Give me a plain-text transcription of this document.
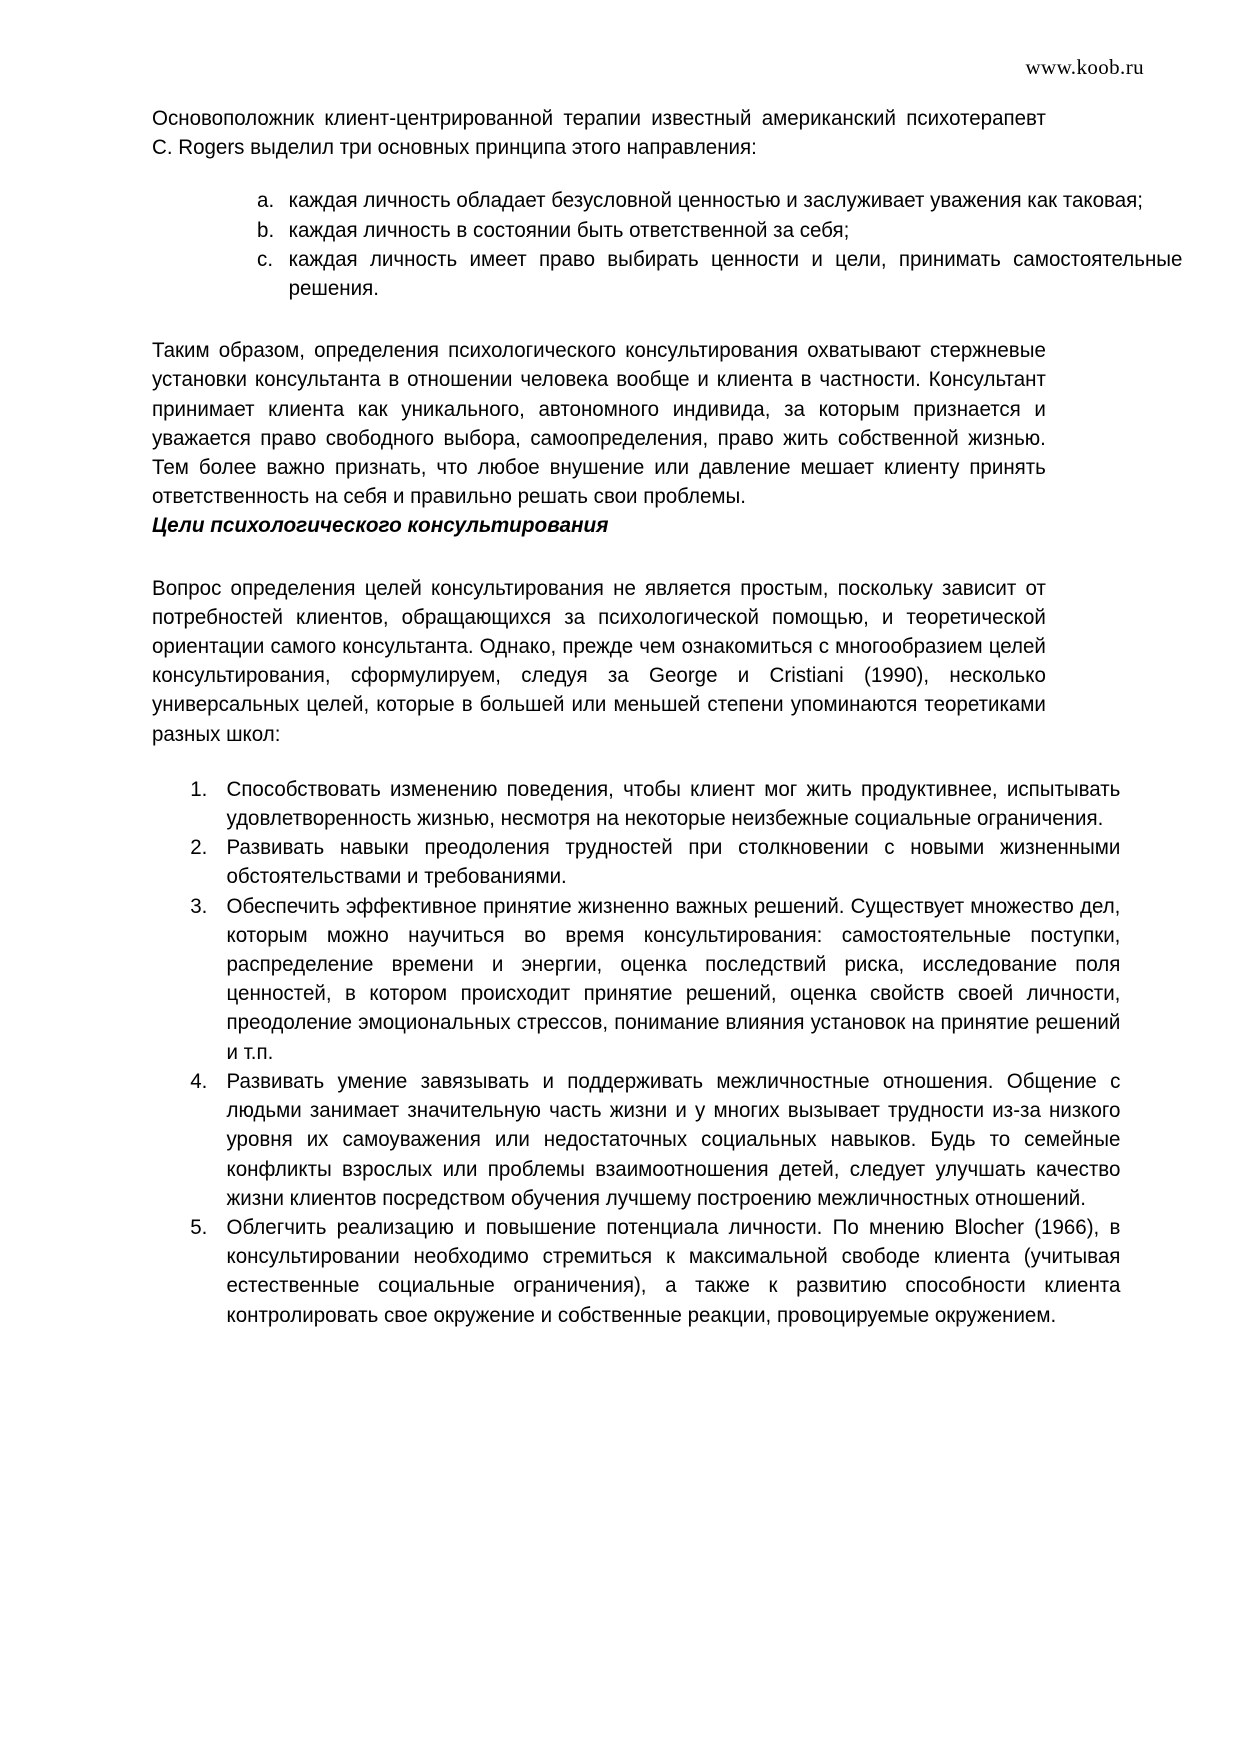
www.koob.ru

Основоположник клиент-центрированной терапии известный американский психотерапевт C. Rogers выделил три основных принципа этого направления:

каждая личность обладает безусловной ценностью и заслуживает уважения как таковая;
каждая личность в состоянии быть ответственной за себя;
каждая личность имеет право выбирать ценности и цели, принимать самостоятельные решения.

Таким образом, определения психологического консультирования охватывают стержневые установки консультанта в отношении человека вообще и клиента в частности. Консультант принимает клиента как уникального, автономного индивида, за которым признается и уважается право свободного выбора, самоопределения, право жить собственной жизнью. Тем более важно признать, что любое внушение или давление мешает клиенту принять ответственность на себя и правильно решать свои проблемы.

Цели психологического консультирования

Вопрос определения целей консультирования не является простым, поскольку зависит от потребностей клиентов, обращающихся за психологической помощью, и теоретической ориентации самого консультанта. Однако, прежде чем ознакомиться с многообразием целей консультирования, сформулируем, следуя за George и Cristiani (1990), несколько универсальных целей, которые в большей или меньшей степени упоминаются теоретиками разных школ:

Способствовать изменению поведения, чтобы клиент мог жить продуктивнее, испытывать удовлетворенность жизнью, несмотря на некоторые неизбежные социальные ограничения.
Развивать навыки преодоления трудностей при столкновении с новыми жизненными обстоятельствами и требованиями.
Обеспечить эффективное принятие жизненно важных решений. Существует множество дел, которым можно научиться во время консультирования: самостоятельные поступки, распределение времени и энергии, оценка последствий риска, исследование поля ценностей, в котором происходит принятие решений, оценка свойств своей личности, преодоление эмоциональных стрессов, понимание влияния установок на принятие решений и т.п.
Развивать умение завязывать и поддерживать межличностные отношения. Общение с людьми занимает значительную часть жизни и у многих вызывает трудности из-за низкого уровня их самоуважения или недостаточных социальных навыков. Будь то семейные конфликты взрослых или проблемы взаимоотношения детей, следует улучшать качество жизни клиентов посредством обучения лучшему построению межличностных отношений.
Облегчить реализацию и повышение потенциала личности. По мнению Blocher (1966), в консультировании необходимо стремиться к максимальной свободе клиента (учитывая естественные социальные ограничения), а также к развитию способности клиента контролировать свое окружение и собственные реакции, провоцируемые окружением.
